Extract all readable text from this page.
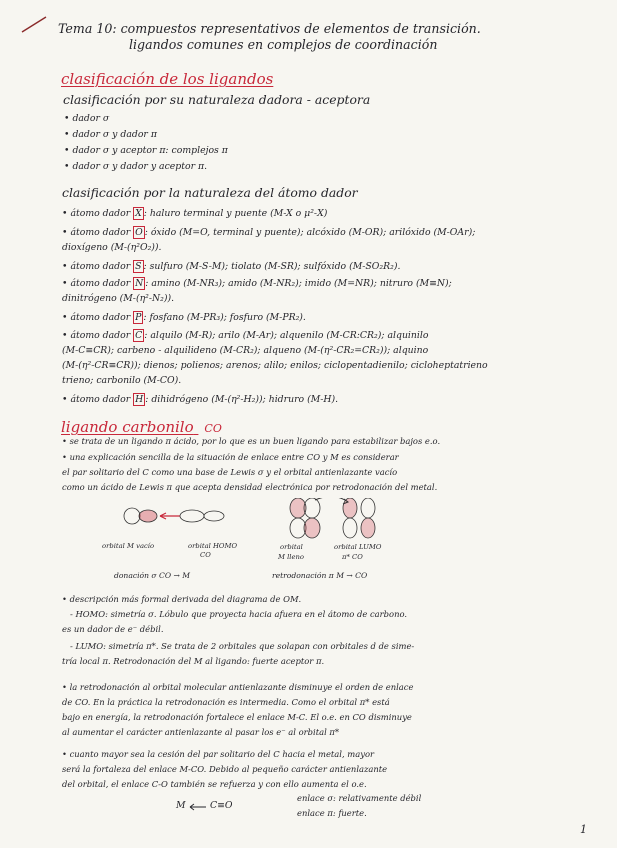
Tema 10: compuestos representativos de elementos de transición.
ligandos comunes en complejos de coordinación
clasificación de los ligandos
clasificación por su naturaleza dadora - aceptora
• dador σ
• dador σ y dador π
• dador σ y aceptor π: complejos π
• dador σ y dador y aceptor π.
clasificación por la naturaleza del átomo dador
• átomo dador X : haluro terminal y puente (M-X o μ²-X)
• átomo dador O : óxido (M=O, terminal y puente); alcóxido (M-OR); arilóxido (M-OAr);
dioxígeno (M-(η²O₂)).
• átomo dador S : sulfuro (M-S-M); tiolato (M-SR); sulfóxido (M-SO₂R₂).
• átomo dador N : amino (M-NR₃); amido (M-NR₂); imido (M=NR); nitruro (M≡N);
dinitrógeno (M-(η²-N₂)).
• átomo dador P : fosfano (M-PR₃); fosfuro (M-PR₂).
• átomo dador C : alquilo (M-R); arilo (M-Ar); alquenilo (M-CR:CR₂); alquinilo
(M-C≡CR); carbeno - alquilideno (M-CR₂); alqueno (M-(η²-CR₂=CR₂)); alquino
(M-(η²-CR≡CR)); dienos; polienos; arenos; alilo; enilos; ciclopentadienilo; cicloheptatrieno
trieno; carbonilo (M-CO).
• átomo dador H : dihidrógeno (M-(η²-H₂)); hidruro (M-H).
ligando carbonilo CO
• se trata de un ligando π ácido, por lo que es un buen ligando para estabilizar bajos e.o.
• una explicación sencilla de la situación de enlace entre CO y M es considerar
el par solitario del C como una base de Lewis σ y el orbital antienlazante vacío
como un ácido de Lewis π que acepta densidad electrónica por retrodonación del metal.
orbital M vacío	orbital HOMO
CO
orbital
M lleno
orbital LUMO
π* CO
donación σ CO → M	retrodonación π M → CO
• descripción más formal derivada del diagrama de OM.
- HOMO: simetría σ. Lóbulo que proyecta hacia afuera en el átomo de carbono.
es un dador de e⁻ débil.
- LUMO: simetría π*. Se trata de 2 orbitales que solapan con orbitales d de sime-
tría local π. Retrodonación del M al ligando: fuerte aceptor π.
• la retrodonación al orbital molecular antienlazante disminuye el orden de enlace
de CO. En la práctica la retrodonación es intermedia. Como el orbital π* está
bajo en energía, la retrodonación fortalece el enlace M-C. El o.e. en CO disminuye
al aumentar el carácter antienlazante al pasar los e⁻ al orbital π*
• cuanto mayor sea la cesión del par solitario del C hacia el metal, mayor
será la fortaleza del enlace M-CO. Debido al pequeño carácter antienlazante
del orbital, el enlace C-O también se refuerza y con ello aumenta el o.e.
M	C≡O
enlace σ: relativamente débil
enlace π: fuerte.
1
